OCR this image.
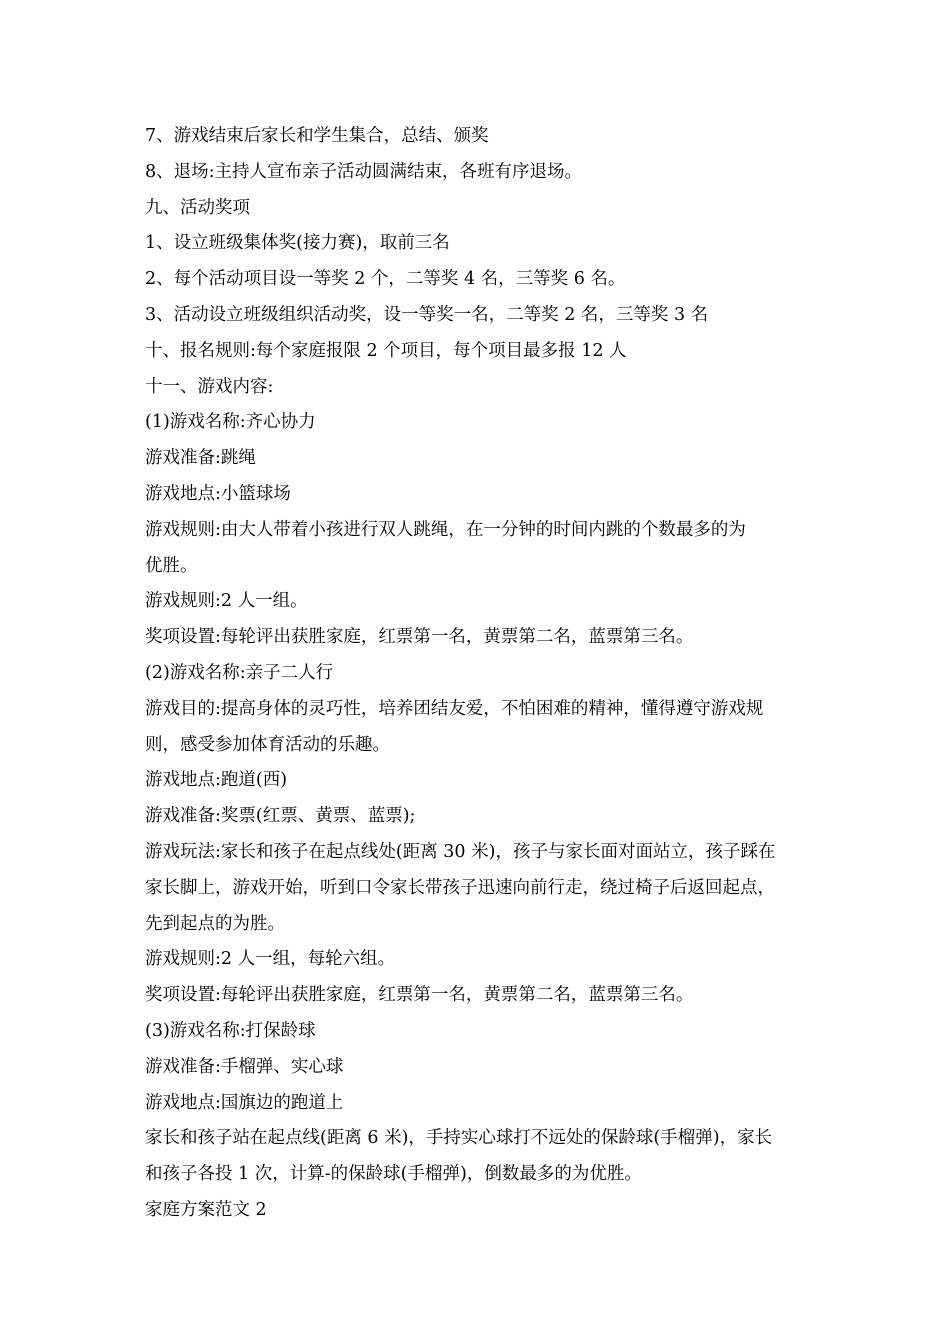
7、游戏结束后家长和学生集合，总结、颁奖
8、退场:主持人宣布亲子活动圆满结束，各班有序退场。
九、活动奖项
1、设立班级集体奖(接力赛)，取前三名
2、每个活动项目设一等奖 2 个，二等奖 4 名，三等奖 6 名。
3、活动设立班级组织活动奖，设一等奖一名，二等奖 2 名，三等奖 3 名
十、报名规则:每个家庭报限 2 个项目，每个项目最多报 12 人
十一、游戏内容:
(1)游戏名称:齐心协力
游戏准备:跳绳
游戏地点:小篮球场
游戏规则:由大人带着小孩进行双人跳绳，在一分钟的时间内跳的个数最多的为
优胜。
游戏规则:2 人一组。
奖项设置:每轮评出获胜家庭，红票第一名，黄票第二名，蓝票第三名。
(2)游戏名称:亲子二人行
游戏目的:提高身体的灵巧性，培养团结友爱，不怕困难的精神，懂得遵守游戏规
则，感受参加体育活动的乐趣。
游戏地点:跑道(西)
游戏准备:奖票(红票、黄票、蓝票);
游戏玩法:家长和孩子在起点线处(距离 30 米)，孩子与家长面对面站立，孩子踩在
家长脚上，游戏开始，听到口令家长带孩子迅速向前行走，绕过椅子后返回起点，
先到起点的为胜。
游戏规则:2 人一组，每轮六组。
奖项设置:每轮评出获胜家庭，红票第一名，黄票第二名，蓝票第三名。
(3)游戏名称:打保龄球
游戏准备:手榴弹、实心球
游戏地点:国旗边的跑道上
家长和孩子站在起点线(距离 6 米)，手持实心球打不远处的保龄球(手榴弹)，家长
和孩子各投 1 次，计算-的保龄球(手榴弹)，倒数最多的为优胜。
家庭方案范文 2
